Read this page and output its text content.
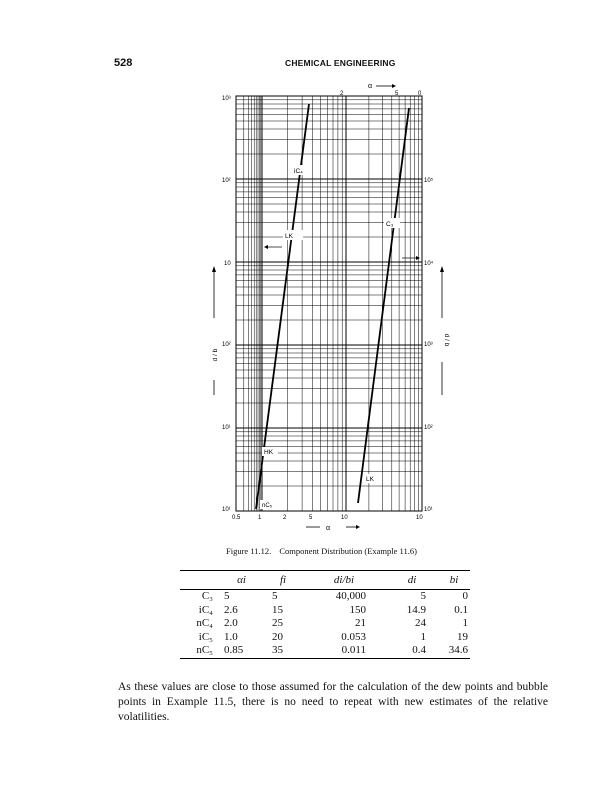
528	CHEMICAL ENGINEERING
α
2	5	0
10³
10²
10
10²
10¹
10¹
10⁵
10⁴
10³
10²
10¹
0.5	1	2	5	10	10
α
d / b
d / b
iC₄
LK
C₃
HK
nC₅
LK
Figure 11.12. Component Distribution (Example 11.6)
	αi	fi	di/bi	di	bi
C₃	5	5	40,000	5	0
iC₄	2.6	15	150	14.9	0.1
nC₄	2.0	25	21	24	1
iC₅	1.0	20	0.053	1	19
nC₅	0.85	35	0.011	0.4	34.6

As these values are close to those assumed for the calculation of the dew points and bubble points in Example 11.5, there is no need to repeat with new estimates of the relative volatilities.
